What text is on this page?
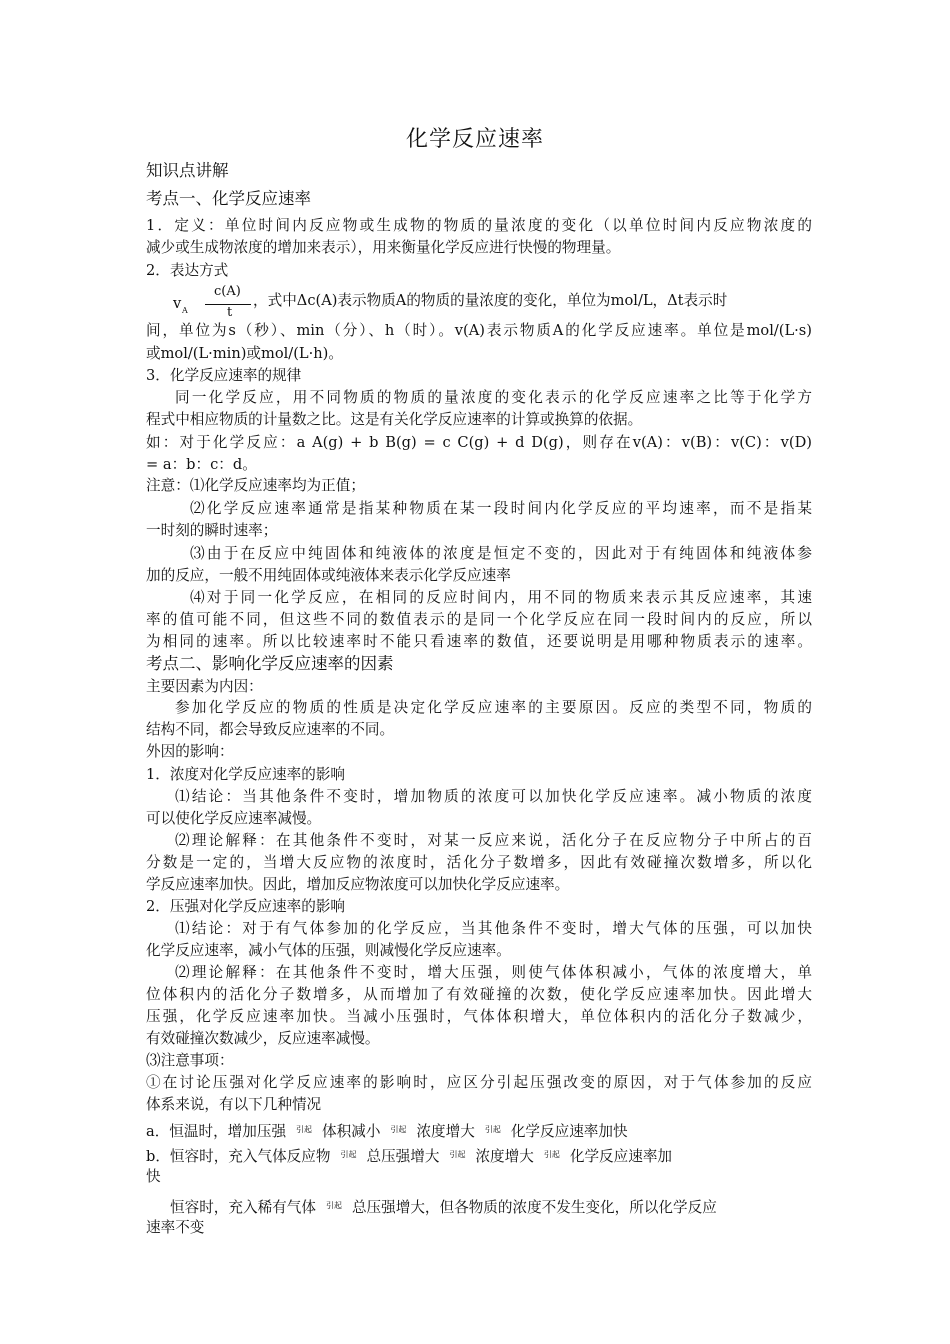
化学反应速率
知识点讲解
考点一、化学反应速率
1．定义：单位时间内反应物或生成物的物质的量浓度的变化（以单位时间内反应物浓度的
减少或生成物浓度的增加来表示），用来衡量化学反应进行快慢的物理量。
2．表达方式
v A
c(A)
t
，式中Δc(A)表示物质A的物质的量浓度的变化，单位为mol/L，Δt表示时
间，单位为s（秒）、min（分）、h（时）。v(A)表示物质A的化学反应速率。单位是mol/(L·s)
或mol/(L·min)或mol/(L·h)。
3．化学反应速率的规律
同一化学反应，用不同物质的物质的量浓度的变化表示的化学反应速率之比等于化学方
程式中相应物质的计量数之比。这是有关化学反应速率的计算或换算的依据。
如：对于化学反应：a A(g) + b B(g) = c C(g) + d D(g)，则存在v(A)：v(B)：v(C)：v(D)
= a：b：c：d。
注意：⑴化学反应速率均为正值；
⑵化学反应速率通常是指某种物质在某一段时间内化学反应的平均速率，而不是指某
一时刻的瞬时速率；
⑶由于在反应中纯固体和纯液体的浓度是恒定不变的，因此对于有纯固体和纯液体参
加的反应，一般不用纯固体或纯液体来表示化学反应速率
⑷对于同一化学反应，在相同的反应时间内，用不同的物质来表示其反应速率，其速
率的值可能不同，但这些不同的数值表示的是同一个化学反应在同一段时间内的反应，所以
为相同的速率。所以比较速率时不能只看速率的数值，还要说明是用哪种物质表示的速率。
考点二、影响化学反应速率的因素
主要因素为内因：
参加化学反应的物质的性质是决定化学反应速率的主要原因。反应的类型不同，物质的
结构不同，都会导致反应速率的不同。
外因的影响：
1．浓度对化学反应速率的影响
⑴结论：当其他条件不变时，增加物质的浓度可以加快化学反应速率。减小物质的浓度
可以使化学反应速率减慢。
⑵理论解释：在其他条件不变时，对某一反应来说，活化分子在反应物分子中所占的百
分数是一定的，当增大反应物的浓度时，活化分子数增多，因此有效碰撞次数增多，所以化
学反应速率加快。因此，增加反应物浓度可以加快化学反应速率。
2．压强对化学反应速率的影响
⑴结论：对于有气体参加的化学反应，当其他条件不变时，增大气体的压强，可以加快
化学反应速率，减小气体的压强，则减慢化学反应速率。
⑵理论解释：在其他条件不变时，增大压强，则使气体体积减小，气体的浓度增大，单
位体积内的活化分子数增多，从而增加了有效碰撞的次数，使化学反应速率加快。因此增大
压强，化学反应速率加快。当减小压强时，气体体积增大，单位体积内的活化分子数减少，
有效碰撞次数减少，反应速率减慢。
⑶注意事项：
①在讨论压强对化学反应速率的影响时，应区分引起压强改变的原因，对于气体参加的反应
体系来说，有以下几种情况
a．恒温时，增加压强 引起 体积减小 引起 浓度增大 引起 化学反应速率加快
b．恒容时，充入气体反应物 引起 总压强增大 引起 浓度增大 引起 化学反应速率加
快
恒容时，充入稀有气体 引起 总压强增大，但各物质的浓度不发生变化，所以化学反应
速率不变
